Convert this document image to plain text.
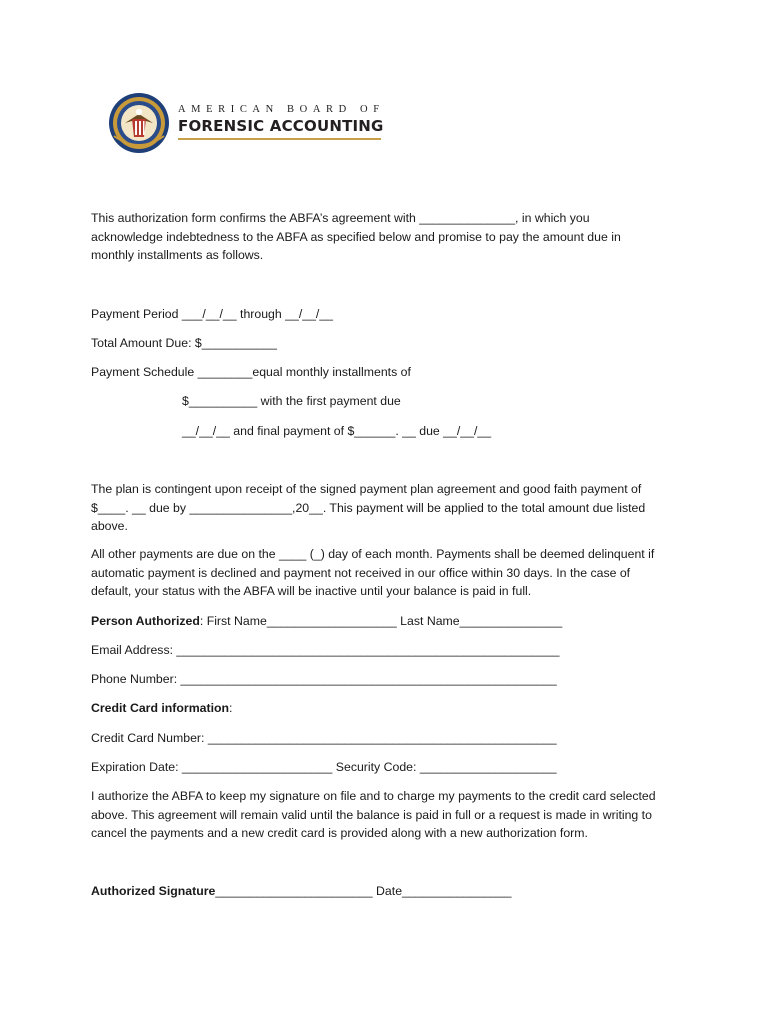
AMERICAN BOARD OF
FORENSIC ACCOUNTING
This authorization form confirms the ABFA’s agreement with ______________, in which you
acknowledge indebtedness to the ABFA as specified below and promise to pay the amount due in
monthly installments as follows.
Payment Period ___/__/__ through __/__/__
Total Amount Due: $___________
Payment Schedule ________equal monthly installments of
$__________ with the first payment due
__/__/__ and final payment of $______. __ due __/__/__
The plan is contingent upon receipt of the signed payment plan agreement and good faith payment of
$____. __ due by _______________,20__. This payment will be applied to the total amount due listed
above.
All other payments are due on the ____ (_) day of each month. Payments shall be deemed delinquent if
automatic payment is declined and payment not received in our office within 30 days. In the case of
default, your status with the ABFA will be inactive until your balance is paid in full.
Person Authorized: First Name___________________ Last Name_______________
Email Address: ________________________________________________________
Phone Number: _______________________________________________________
Credit Card information:
Credit Card Number: ___________________________________________________
Expiration Date: ______________________ Security Code: ____________________
I authorize the ABFA to keep my signature on file and to charge my payments to the credit card selected
above. This agreement will remain valid until the balance is paid in full or a request is made in writing to
cancel the payments and a new credit card is provided along with a new authorization form.
Authorized Signature_______________________ Date________________
